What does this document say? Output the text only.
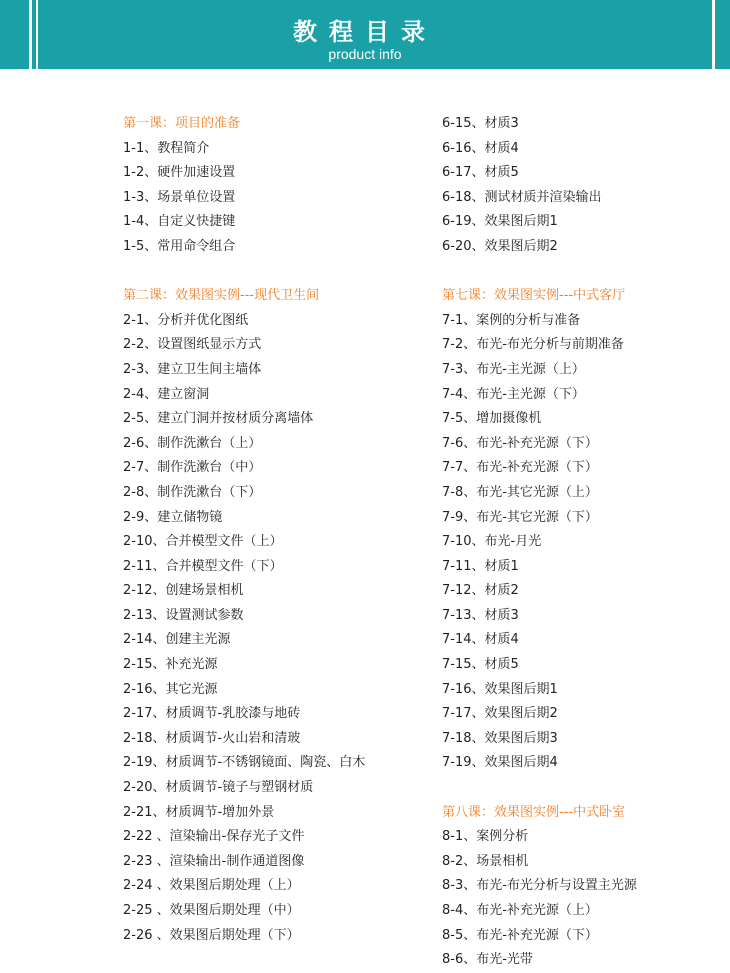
教程目录
product info
第一课：项目的准备
1-1、教程简介
1-2、硬件加速设置
1-3、场景单位设置
1-4、自定义快捷键
1-5、常用命令组合
第二课：效果图实例---现代卫生间
2-1、分析并优化图纸
2-2、设置图纸显示方式
2-3、建立卫生间主墙体
2-4、建立窗洞
2-5、建立门洞并按材质分离墙体
2-6、制作洗漱台（上）
2-7、制作洗漱台（中）
2-8、制作洗漱台（下）
2-9、建立储物镜
2-10、合并模型文件（上）
2-11、合并模型文件（下）
2-12、创建场景相机
2-13、设置测试参数
2-14、创建主光源
2-15、补充光源
2-16、其它光源
2-17、材质调节-乳胶漆与地砖
2-18、材质调节-火山岩和清玻
2-19、材质调节-不锈钢镜面、陶瓷、白木
2-20、材质调节-镜子与塑钢材质
2-21、材质调节-增加外景
2-22 、渲染输出-保存光子文件
2-23 、渲染输出-制作通道图像
2-24 、效果图后期处理（上）
2-25 、效果图后期处理（中）
2-26 、效果图后期处理（下）
6-15、材质3
6-16、材质4
6-17、材质5
6-18、测试材质并渲染输出
6-19、效果图后期1
6-20、效果图后期2
第七课：效果图实例---中式客厅
7-1、案例的分析与准备
7-2、布光-布光分析与前期准备
7-3、布光-主光源（上）
7-4、布光-主光源（下）
7-5、增加摄像机
7-6、布光-补充光源（下）
7-7、布光-补充光源（下）
7-8、布光-其它光源（上）
7-9、布光-其它光源（下）
7-10、布光-月光
7-11、材质1
7-12、材质2
7-13、材质3
7-14、材质4
7-15、材质5
7-16、效果图后期1
7-17、效果图后期2
7-18、效果图后期3
7-19、效果图后期4
第八课：效果图实例---中式卧室
8-1、案例分析
8-2、场景相机
8-3、布光-布光分析与设置主光源
8-4、布光-补充光源（上）
8-5、布光-补充光源（下）
8-6、布光-光带
